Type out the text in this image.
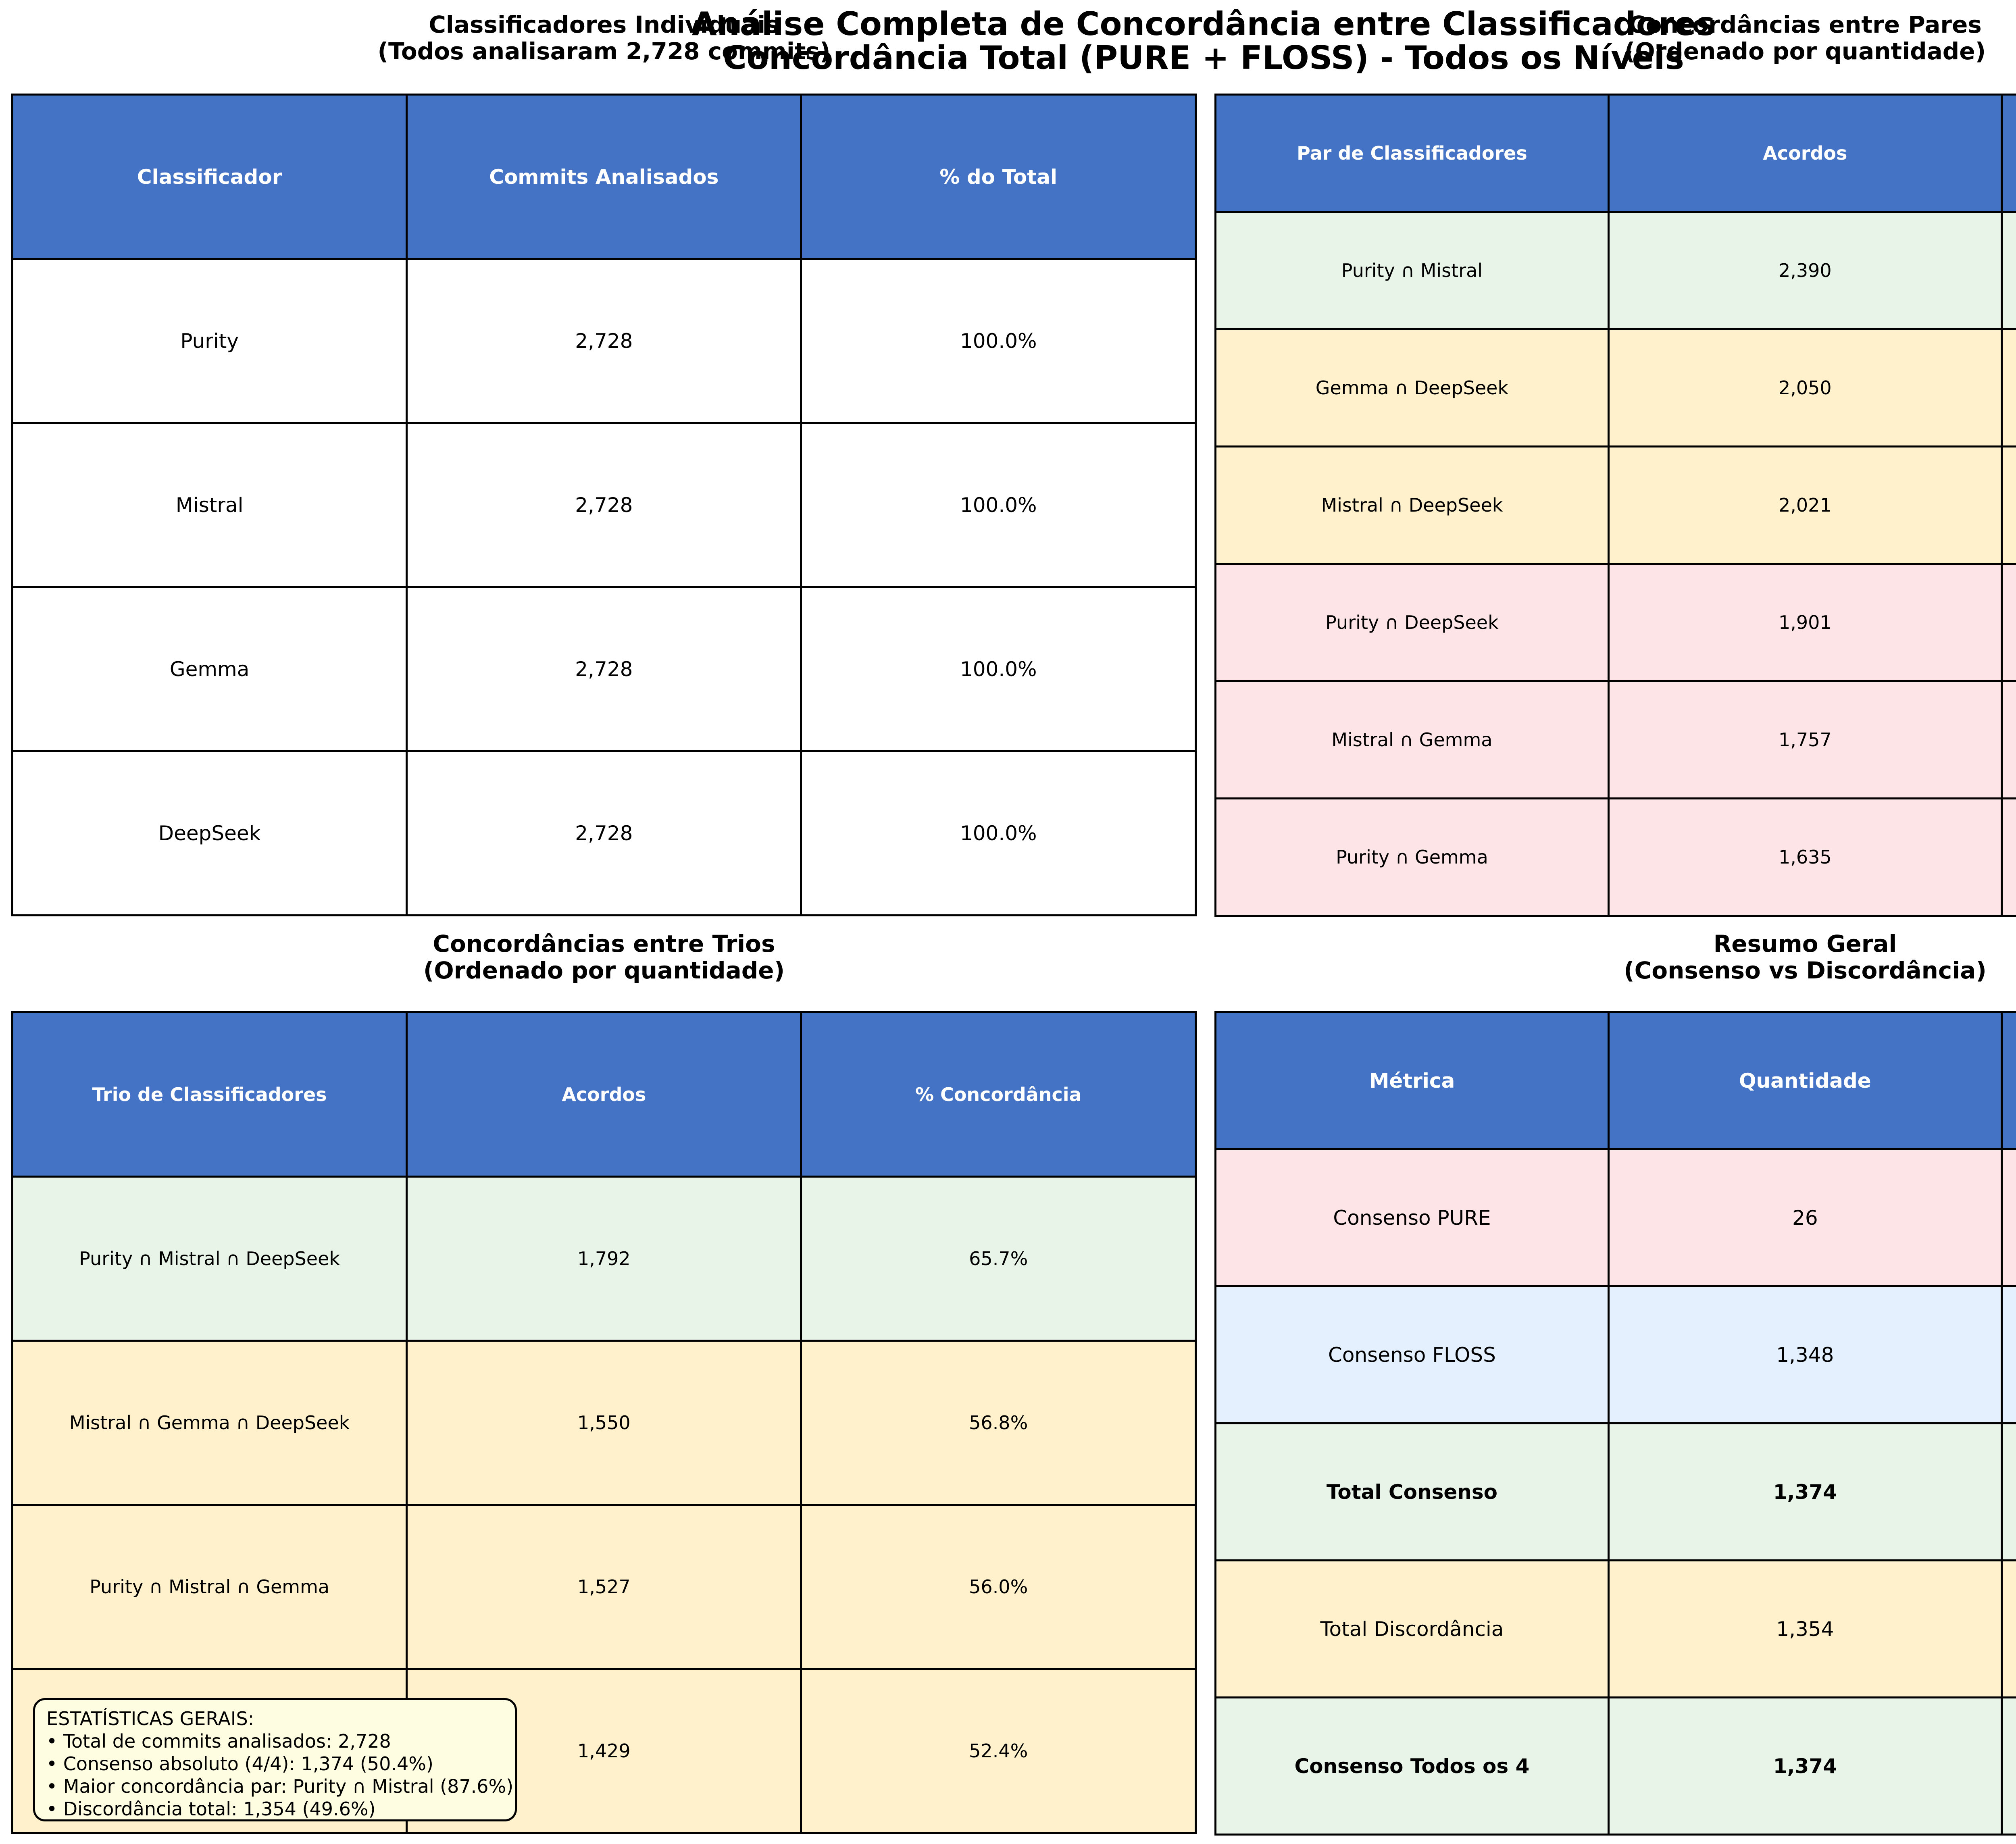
Análise Completa de Concordância entre Classificadores
Concordância Total (PURE + FLOSS) - Todos os Níveis
Classificadores Individuais
(Todos analisaram 2,728 commits)
Classificador	Commits Analisados	% do Total
Purity	2,728	100.0%
Mistral	2,728	100.0%
Gemma	2,728	100.0%
DeepSeek	2,728	100.0%
Concordâncias entre Pares
(Ordenado por quantidade)
Par de Classificadores	Acordos	
Purity ∩ Mistral	2,390	
Gemma ∩ DeepSeek	2,050	
Mistral ∩ DeepSeek	2,021	
Purity ∩ DeepSeek	1,901	
Mistral ∩ Gemma	1,757	
Purity ∩ Gemma	1,635	
Concordâncias entre Trios
(Ordenado por quantidade)
Trio de Classificadores	Acordos	% Concordância
Purity ∩ Mistral ∩ DeepSeek	1,792	65.7%
Mistral ∩ Gemma ∩ DeepSeek	1,550	56.8%
Purity ∩ Mistral ∩ Gemma	1,527	56.0%
	1,429	52.4%
Resumo Geral
(Consenso vs Discordância)
Métrica	Quantidade	
Consenso PURE	26	
Consenso FLOSS	1,348	
Total Consenso	1,374	
Total Discordância	1,354	
Consenso Todos os 4	1,374	
ESTATÍSTICAS GERAIS:
• Total de commits analisados: 2,728
• Consenso absoluto (4/4): 1,374 (50.4%)
• Maior concordância par: Purity ∩ Mistral (87.6%)
• Discordância total: 1,354 (49.6%)
